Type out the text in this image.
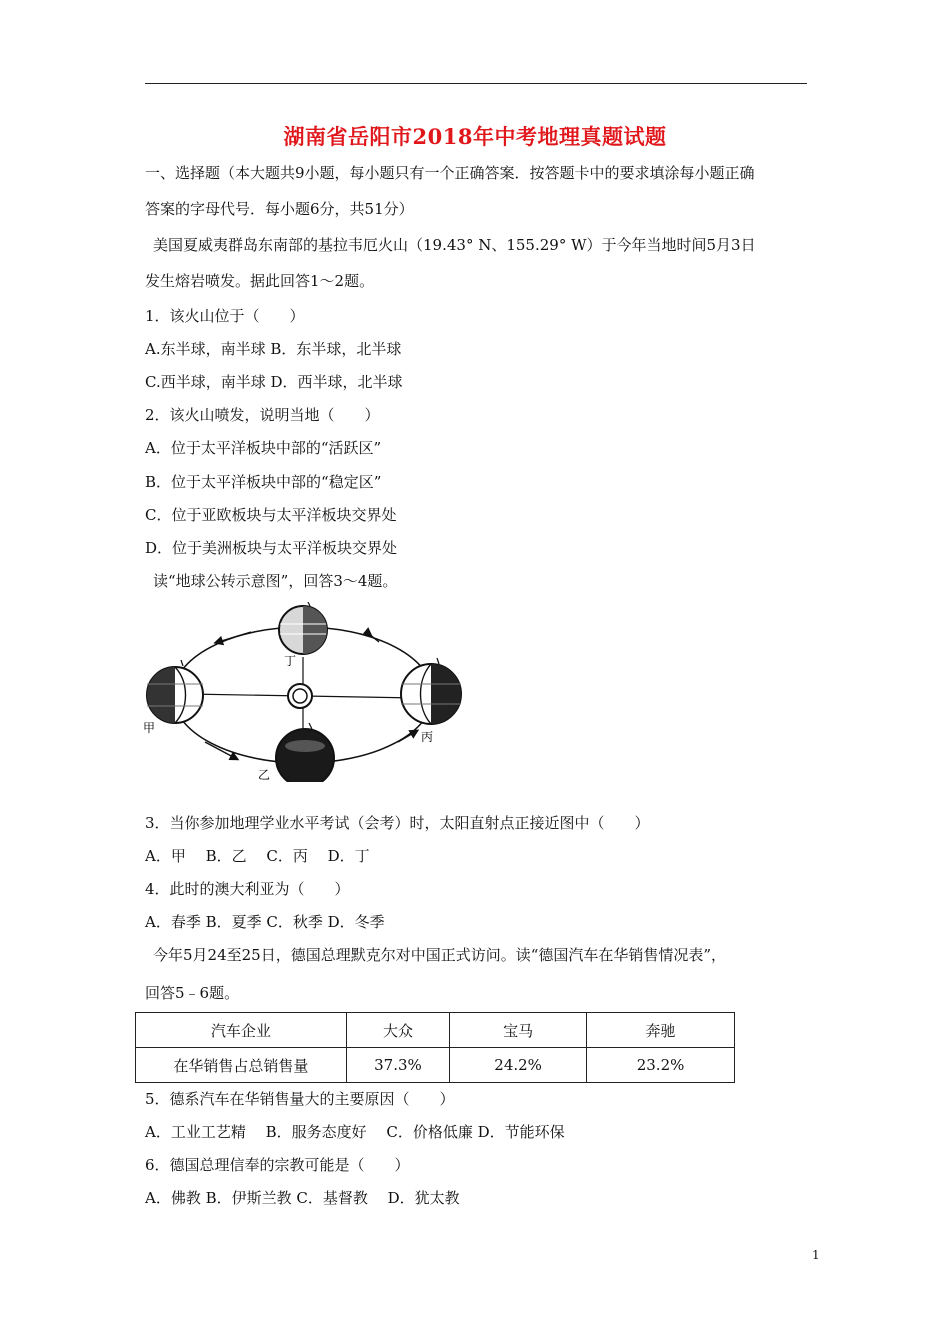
湖南省岳阳市2018年中考地理真题试题
一、选择题（本大题共9小题，每小题只有一个正确答案．按答题卡中的要求填涂每小题正确
答案的字母代号．每小题6分，共51分）
美国夏威夷群岛东南部的基拉韦厄火山（19.43° N、155.29° W）于今年当地时间5月3日
发生熔岩喷发。据此回答1～2题。
1．该火山位于（　　）
A.东半球，南半球 B．东半球，北半球
C.西半球，南半球 D．西半球，北半球
2．该火山喷发，说明当地（　　）
A．位于太平洋板块中部的“活跃区”
B．位于太平洋板块中部的“稳定区”
C．位于亚欧板块与太平洋板块交界处
D．位于美洲板块与太平洋板块交界处
读“地球公转示意图”，回答3～4题。
甲
乙
丙
丁
3．当你参加地理学业水平考试（会考）时，太阳直射点正接近图中（　　）
A．甲　 B．乙　 C．丙　 D．丁
4．此时的澳大利亚为（　　）
A．春季 B．夏季 C．秋季 D．冬季
今年5月24至25日，德国总理默克尔对中国正式访问。读“德国汽车在华销售情况表”，
回答5﹣6题。
汽车企业	大众	宝马	奔驰
在华销售占总销售量	37.3%	24.2%	23.2%
5．德系汽车在华销售量大的主要原因（　　）
A．工业工艺精　 B．服务态度好　 C．价格低廉 D．节能环保
6．德国总理信奉的宗教可能是（　　）
A．佛教 B．伊斯兰教 C．基督教　 D．犹太教
1
